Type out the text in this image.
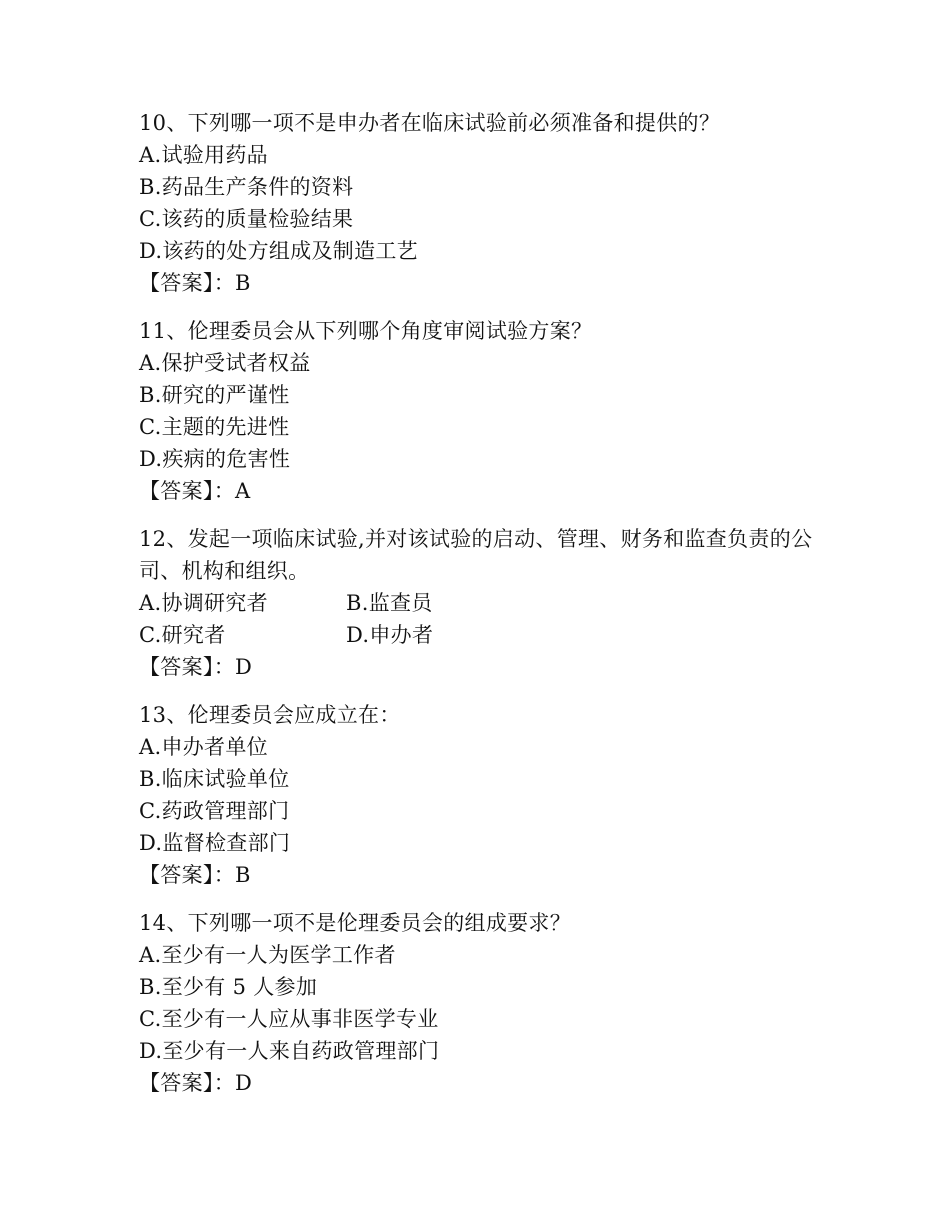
10、下列哪一项不是申办者在临床试验前必须准备和提供的？
A.试验用药品
B.药品生产条件的资料
C.该药的质量检验结果
D.该药的处方组成及制造工艺
【答案】：B
11、伦理委员会从下列哪个角度审阅试验方案？
A.保护受试者权益
B.研究的严谨性
C.主题的先进性
D.疾病的危害性
【答案】：A
12、发起一项临床试验,并对该试验的启动、管理、财务和监查负责的公司、机构和组织。
A.协调研究者	B.监查员
C.研究者	D.申办者
【答案】：D
13、伦理委员会应成立在：
A.申办者单位
B.临床试验单位
C.药政管理部门
D.监督检查部门
【答案】：B
14、下列哪一项不是伦理委员会的组成要求？
A.至少有一人为医学工作者
B.至少有 5 人参加
C.至少有一人应从事非医学专业
D.至少有一人来自药政管理部门
【答案】：D
